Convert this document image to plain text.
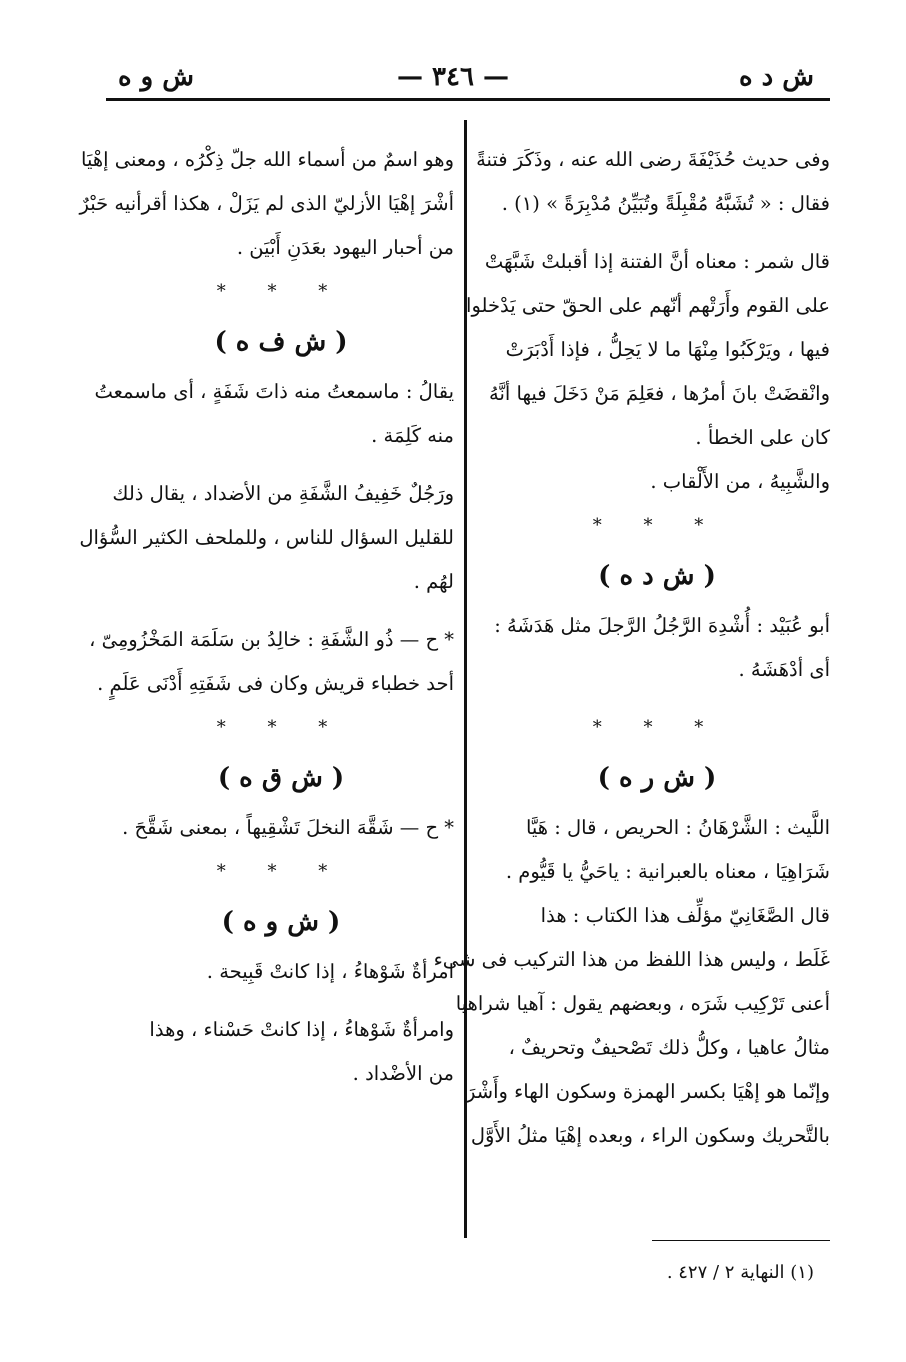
ش د ه
— ٣٤٦ —
ش و ه
وفى حديث حُذَيْفَةَ رضى الله عنه ، وذَكَرَ فتنةً
فقال : « تُشَبَّهُ مُقْبِلَةً وتُبَيِّنُ مُدْبِرَةً » (١) .
قال شمر : معناه أنَّ الفتنة إذا أقبلتْ شَبَّهَتْ
على القوم وأَرَتْهم أنّهم على الحقّ حتى يَدْخلوا
فيها ، ويَرْكَبُوا مِنْهَا ما لا يَحِلُّ ، فإذا أَدْبَرَتْ
وانْقضَتْ بانَ أمرُها ، فعَلِمَ مَنْ دَخَلَ فيها أنَّهُ
كان على الخطأ .
والشَّبِيهُ ، من الأَلْقاب .
* * *
( ش د ه )
أبو عُبَيْد : أُشْدِهَ الرَّجُلُ الرَّجلَ مثل هَدَشَهُ :
أى أدْهَشَهُ .
* * *
( ش ر ه )
اللَّيث : الشَّرْهَانُ : الحريص ، قال : هَيَّا
شَرَاهِيَا ، معناه بالعبرانية : ياحَيُّ يا قَيُّوم .
قال الصَّغَانِيّ مؤلِّف هذا الكتاب : هذا
غَلَط ، وليس هذا اللفظ من هذا التركيب فى شىء
أعنى تَرْكِيب شَرَه ، وبعضهم يقول : آهيا شراهيا
مثالُ عاهيا ، وكلُّ ذلك تَصْحيفٌ وتحريفٌ ،
وإنّما هو إهْيَا بكسر الهمزة وسكون الهاء وأَشْرَ
بالتَّحريك وسكون الراء ، وبعده إهْيَا مثلُ الأَوَّل
وهو اسمٌ من أسماء الله جلّ ذِكْرُه ، ومعنى إهْيَا
أشْرَ إهْيَا الأزليّ الذى لم يَزَلْ ، هكذا أقرأنيه حَبْرٌ
من أحبار اليهود بعَدَنِ أَبْيَن .
* * *
( ش ف ه )
يقالُ : ماسمعتُ منه ذاتَ شَفَةٍ ، أى ماسمعتُ
منه كَلِمَة .
ورَجُلٌ خَفِيفُ الشَّفَةِ من الأضداد ، يقال ذلك
للقليل السؤال للناس ، وللملحف الكثير السُّؤال
لهُم .
* ح — ذُو الشَّفَةِ : خالِدُ بن سَلَمَة المَخْزُومِىّ ،
أحد خطباء قريش وكان فى شَفَتِهِ أَدْنَى عَلَمٍ .
* * *
( ش ق ه )
* ح — شَقَّهَ النخلَ تَشْقِيهاً ، بمعنى شَقَّحَ .
* * *
( ش و ه )
امرأةٌ شَوْهاءُ ، إذا كانتْ قَبِيحة .
وامرأةٌ شَوْهاءُ ، إذا كانتْ حَسْناء ، وهذا
من الأضْداد .
(١) النهاية ٢ / ٤٢٧ .
